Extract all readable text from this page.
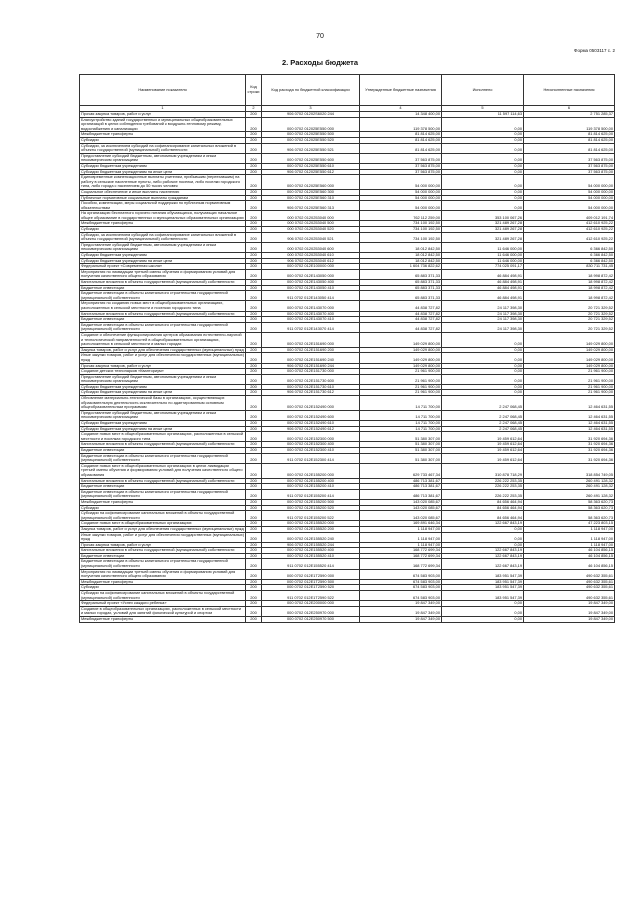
70
Форма 0503117 с. 2
2. Расходы бюджета
Наименование показателя	Код строки	Код расхода по бюджетной классификации	Утвержденные бюджетные назначения	Исполнено	Неисполненные назначения
1	2	3	4	5	6
Прочая закупка товаров, работ и услуг	200	906 0702 01202S6020 244	14 348 400,00	11 597 114,63	2 751 285,37
Благоустройство зданий государственных и муниципальных общеобразовательных организаций в целях соблюдения требований к воздушно-тепловому режиму, водоснабжению и канализации	200	000 0702 012025Е550 000	119 378 500,00	0,00	119 378 500,00
Межбюджетные трансферты	200	000 0702 012025Е550 500	81 814 625,00	0,00	81 814 625,00
Субсидии	200	000 0702 012025Е550 520	81 814 625,00	0,00	81 814 625,00
Субсидии, за исключением субсидий на софинансирование капитальных вложений в объекты государственной (муниципальной) собственности	200	906 0702 012025Е550 521	81 814 625,00	0,00	81 814 625,00
Предоставление субсидий бюджетным, автономным учреждениям и иным некоммерческим организациям	200	000 0702 012025Е550 600	37 563 875,00	0,00	37 563 875,00
Субсидии бюджетным учреждениям	200	000 0702 012025Е550 610	37 563 875,00	0,00	37 563 875,00
Субсидии бюджетным учреждениям на иные цели	200	906 0702 012025Е550 612	37 563 875,00	0,00	37 563 875,00
Единовременные компенсационные выплаты учителям, прибывшим (переехавшим) на работу в сельские населенные пункты, либо рабочие поселки, либо поселки городского типа, либо города с населением до 50 тысяч человек	200	000 0702 012025Е560 000	54 000 000,00	0,00	54 000 000,00
Социальное обеспечение и иные выплаты населению	200	000 0702 012025Е560 300	54 000 000,00	0,00	54 000 000,00
Публичные нормативные социальные выплаты гражданам	200	000 0702 012025Е560 310	54 000 000,00	0,00	54 000 000,00
Пособия, компенсации, меры социальной поддержки по публичным нормативным обязательствам	200	906 0702 012025Е560 313	54 000 000,00	0,00	54 000 000,00
На организацию бесплатного горячего питания обучающихся, получающих начальное общее образование в государственных и муниципальных образовательных организациях	200	000 0702 0120253040 000	762 112 259,00	353 100 067,26	409 012 191,74
Межбюджетные трансферты	200	000 0702 0120253040 500	734 100 192,50	321 489 267,28	412 610 925,22
Субсидии	200	000 0702 0120253040 520	734 100 192,50	321 489 267,28	412 610 925,22
Субсидии, за исключением субсидий на софинансирование капитальных вложений в объекты государственной (муниципальной) собственности	200	906 0702 0120253040 521	734 100 192,50	321 489 267,28	412 610 925,22
Предоставление субсидий бюджетным, автономным учреждениям и иным некоммерческим организациям	200	000 0702 0120253040 600	18 012 842,50	11 646 000,00	6 366 842,50
Субсидии бюджетным учреждениям	200	000 0702 0120253040 610	18 012 842,50	11 646 000,00	6 366 842,50
Субсидии бюджетным учреждениям на иные цели	200	906 0702 0120253040 612	18 012 842,50	11 646 000,00	6 366 842,50
Федеральный проект «Современная школа»	200	000 0702 012Е100000 000	1 604 736 822,62	774 025 091,17	830 711 731,45
Мероприятия по ликвидации третьей смены обучения и формированию условий для получения качественного общего образования	200	000 0702 012Е143050 000	65 883 371,33	46 884 498,91	18 998 872,42
Капитальные вложения в объекты государственной (муниципальной) собственности	200	000 0702 012Е143050 400	65 883 371,33	46 884 498,91	18 998 872,42
Бюджетные инвестиции	200	000 0702 012Е143050 410	65 883 371,33	46 884 498,91	18 998 872,42
Бюджетные инвестиции в объекты капитального строительства государственной (муниципальной) собственности	200	911 0702 012Е143050 414	65 883 371,33	46 884 498,91	18 998 872,42
Мероприятия по созданию новых мест в общеобразовательных организациях, расположенных в сельской местности и поселках городского типа	200	000 0702 012Е143070 000	44 838 727,82	24 117 398,30	20 721 329,52
Капитальные вложения в объекты государственной (муниципальной) собственности	200	000 0702 012Е143070 400	44 838 727,82	24 117 398,30	20 721 329,52
Бюджетные инвестиции	200	000 0702 012Е143070 410	44 838 727,82	24 117 398,30	20 721 329,52
Бюджетные инвестиции в объекты капитального строительства государственной (муниципальной) собственности	200	911 0702 012Е143070 414	44 838 727,82	24 117 398,30	20 721 329,52
Создание и обеспечение функционирования центров образования естественно-научной и технологической направленностей в общеобразовательных организациях, расположенных в сельской местности и малых городах	200	000 0702 012Е151690 000	149 029 800,00	0,00	149 029 800,00
Закупка товаров, работ и услуг для обеспечения государственных (муниципальных) нужд	200	000 0702 012Е151690 200	149 029 800,00	0,00	149 029 800,00
Иные закупки товаров, работ и услуг для обеспечения государственных (муниципальных) нужд	200	000 0702 012Е151690 240	149 029 800,00	0,00	149 029 800,00
Прочая закупка товаров, работ и услуг	200	906 0702 012Е151690 244	149 029 800,00	0,00	149 029 800,00
Создание детских технопарков «Кванториум»	200	000 0702 012Е151730 000	21 961 900,00	0,00	21 961 900,00
Предоставление субсидий бюджетным, автономным учреждениям и иным некоммерческим организациям	200	000 0702 012Е151730 600	21 961 900,00	0,00	21 961 900,00
Субсидии бюджетным учреждениям	200	000 0702 012Е151730 610	21 961 900,00	0,00	21 961 900,00
Субсидии бюджетным учреждениям на иные цели	200	906 0702 012Е151730 612	21 961 900,00	0,00	21 961 900,00
Обновление материально-технической базы в организациях, осуществляющих образовательную деятельность исключительно по адаптированным основным общеобразовательным программам	200	000 0702 012Е152490 000	14 711 700,00	2 247 068,45	12 464 631,55
Предоставление субсидий бюджетным, автономным учреждениям и иным некоммерческим организациям	200	000 0702 012Е152490 600	14 711 700,00	2 247 068,45	12 464 631,55
Субсидии бюджетным учреждениям	200	000 0702 012Е152490 610	14 711 700,00	2 247 068,45	12 464 631,55
Субсидии бюджетным учреждениям на иные цели	200	906 0702 012Е152490 612	14 711 700,00	2 247 068,45	12 464 631,55
Создание новых мест в общеобразовательных организациях, расположенных в сельской местности и поселках городского типа	200	000 0702 012Е152300 000	51 380 307,00	19 459 612,64	31 920 694,36
Капитальные вложения в объекты государственной (муниципальной) собственности	200	000 0702 012Е152300 400	51 380 307,00	19 459 612,64	31 920 694,36
Бюджетные инвестиции	200	000 0702 012Е152300 410	51 380 307,00	19 459 612,64	31 920 694,36
Бюджетные инвестиции в объекты капитального строительства государственной (муниципальной) собственности	200	911 0702 012Е152300 414	51 380 307,00	19 459 612,64	31 920 694,36
Создание новых мест в общеобразовательных организациях в целях ликвидации третьей смены обучения и формирования условий для получения качественного общего образования	200	000 0702 012Е155200 000	629 733 467,34	310 878 718,29	318 854 749,05
Капитальные вложения в объекты государственной (муниципальной) собственности	200	000 0702 012Е155200 400	486 713 381,67	226 222 253,35	260 491 128,32
Бюджетные инвестиции	200	000 0702 012Е155200 410	486 713 381,67	226 222 253,35	260 491 128,32
Бюджетные инвестиции в объекты капитального строительства государственной (муниципальной) собственности	200	911 0702 012Е155200 414	486 713 381,67	226 222 253,35	260 491 128,32
Межбюджетные трансферты	200	000 0702 012Е155200 500	143 020 085,67	84 656 464,94	58 363 620,73
Субсидии	200	000 0702 012Е155200 520	143 020 085,67	84 656 464,94	58 363 620,73
Субсидии на софинансирование капитальных вложений в объекты государственной (муниципальной) собственности	200	911 0702 012Е155200 522	143 020 085,67	84 656 464,94	58 363 620,73
Создание новых мест в общеобразовательных организациях	200	000 0702 012Е155520 000	169 891 646,34	122 667 843,19	47 223 803,15
Закупка товаров, работ и услуг для обеспечения государственных (муниципальных) нужд	200	000 0702 012Е155520 200	1 118 947,00	0,00	1 118 947,00
Иные закупки товаров, работ и услуг для обеспечения государственных (муниципальных) нужд	200	000 0702 012Е155520 240	1 118 947,00	0,00	1 118 947,00
Прочая закупка товаров, работ и услуг	200	906 0702 012Е155520 244	1 118 947,00	0,00	1 118 947,00
Капитальные вложения в объекты государственной (муниципальной) собственности	200	000 0702 012Е155520 400	168 772 699,34	122 667 843,19	46 104 856,15
Бюджетные инвестиции	200	000 0702 012Е155520 410	168 772 699,34	122 667 843,19	46 104 856,15
Бюджетные инвестиции в объекты капитального строительства государственной (муниципальной) собственности	200	911 0702 012Е155520 414	168 772 699,34	122 667 843,19	46 104 856,15
Мероприятия по ликвидации третьей смены обучения и формированию условий для получения качественного общего образования	200	000 0702 012Е1Т2590 000	674 583 903,00	183 951 547,39	490 632 355,61
Межбюджетные трансферты	200	000 0702 012Е1Т2590 500	674 583 903,00	183 951 547,39	490 632 355,61
Субсидии	200	000 0702 012Е1Т2590 520	674 583 903,00	183 951 547,39	490 632 355,61
Субсидии на софинансирование капитальных вложений в объекты государственной (муниципальной) собственности	200	911 0702 012Е1Т2590 522	674 583 903,00	183 951 547,39	490 632 355,61
Федеральный проект «Успех каждого ребенка»	200	000 0702 012Е200000 000	19 847 349,00	0,00	19 847 349,00
Создание в общеобразовательных организациях, расположенных в сельской местности и малых городах, условий для занятий физической культурой и спортом	200	000 0702 012Е250970 000	19 847 349,00	0,00	19 847 349,00
Межбюджетные трансферты	200	000 0702 012Е250970 500	19 847 349,00	0,00	19 847 349,00
